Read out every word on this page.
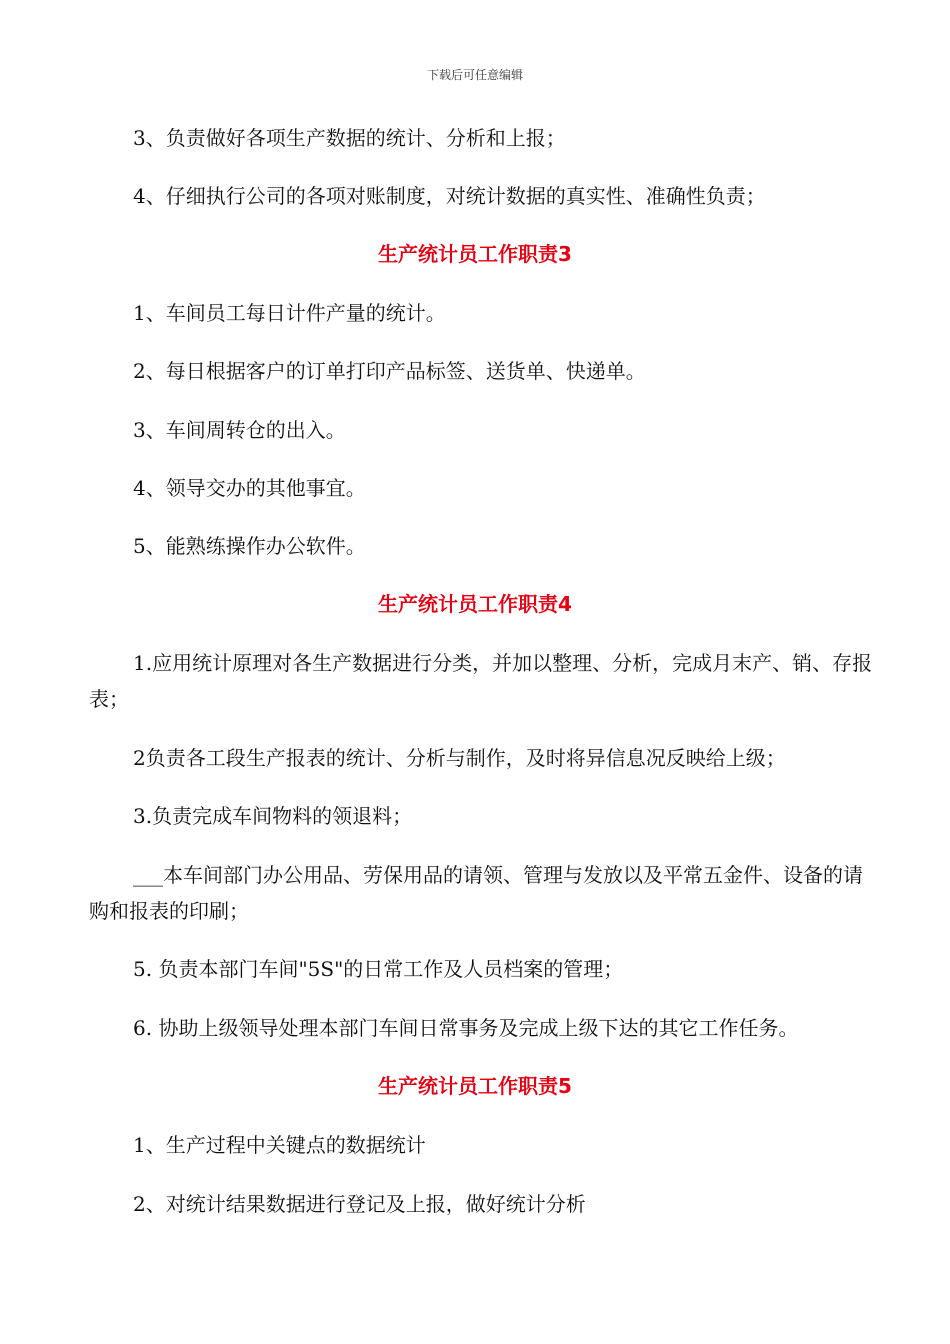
下载后可任意编辑
3、负责做好各项生产数据的统计、分析和上报；
4、仔细执行公司的各项对账制度，对统计数据的真实性、准确性负责；
生产统计员工作职责3
1、车间员工每日计件产量的统计。
2、每日根据客户的订单打印产品标签、送货单、快递单。
3、车间周转仓的出入。
4、领导交办的其他事宜。
5、能熟练操作办公软件。
生产统计员工作职责4
1.应用统计原理对各生产数据进行分类，并加以整理、分析，完成月末产、销、存报表；
2负责各工段生产报表的统计、分析与制作，及时将异信息况反映给上级；
3.负责完成车间物料的领退料；
___本车间部门办公用品、劳保用品的请领、管理与发放以及平常五金件、设备的请购和报表的印刷；
5. 负责本部门车间"5S"的日常工作及人员档案的管理；
6. 协助上级领导处理本部门车间日常事务及完成上级下达的其它工作任务。
生产统计员工作职责5
1、生产过程中关键点的数据统计
2、对统计结果数据进行登记及上报，做好统计分析
